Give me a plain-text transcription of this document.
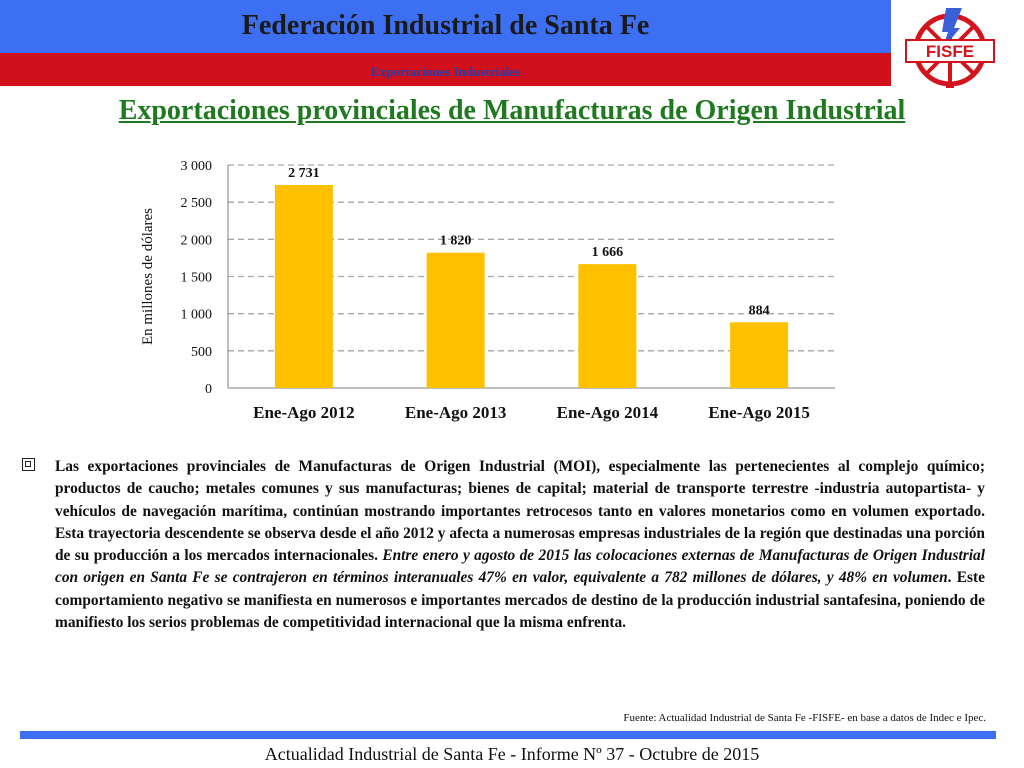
Federación Industrial de Santa Fe
Exportaciones Industriales
FISFE
Exportaciones provinciales de Manufacturas de Origen Industrial
0
500
1 000
1 500
2 000
2 500
3 000
En millones de dólares
2 731
Ene-Ago 2012
1 820
Ene-Ago 2013
1 666
Ene-Ago 2014
884
Ene-Ago 2015
Las exportaciones provinciales de Manufacturas de Origen Industrial (MOI), especialmente las pertenecientes al complejo químico; productos de caucho; metales comunes y sus manufacturas; bienes de capital; material de transporte terrestre -industria autopartista- y vehículos de navegación marítima, continúan mostrando importantes retrocesos tanto en valores monetarios como en volumen exportado. Esta trayectoria descendente se observa desde el año 2012 y afecta a numerosas empresas industriales de la región que destinadas una porción de su producción a los mercados internacionales. Entre enero y agosto de 2015 las colocaciones externas de Manufacturas de Origen Industrial con origen en Santa Fe se contrajeron en términos interanuales 47% en valor, equivalente a 782 millones de dólares, y 48% en volumen. Este comportamiento negativo se manifiesta en numerosos e importantes mercados de destino de la producción industrial santafesina, poniendo de manifiesto los serios problemas de competitividad internacional que la misma enfrenta.
Fuente: Actualidad Industrial de Santa Fe -FISFE- en base a datos de Indec e Ipec.
Actualidad Industrial de Santa Fe - Informe Nº 37 - Octubre de 2015
